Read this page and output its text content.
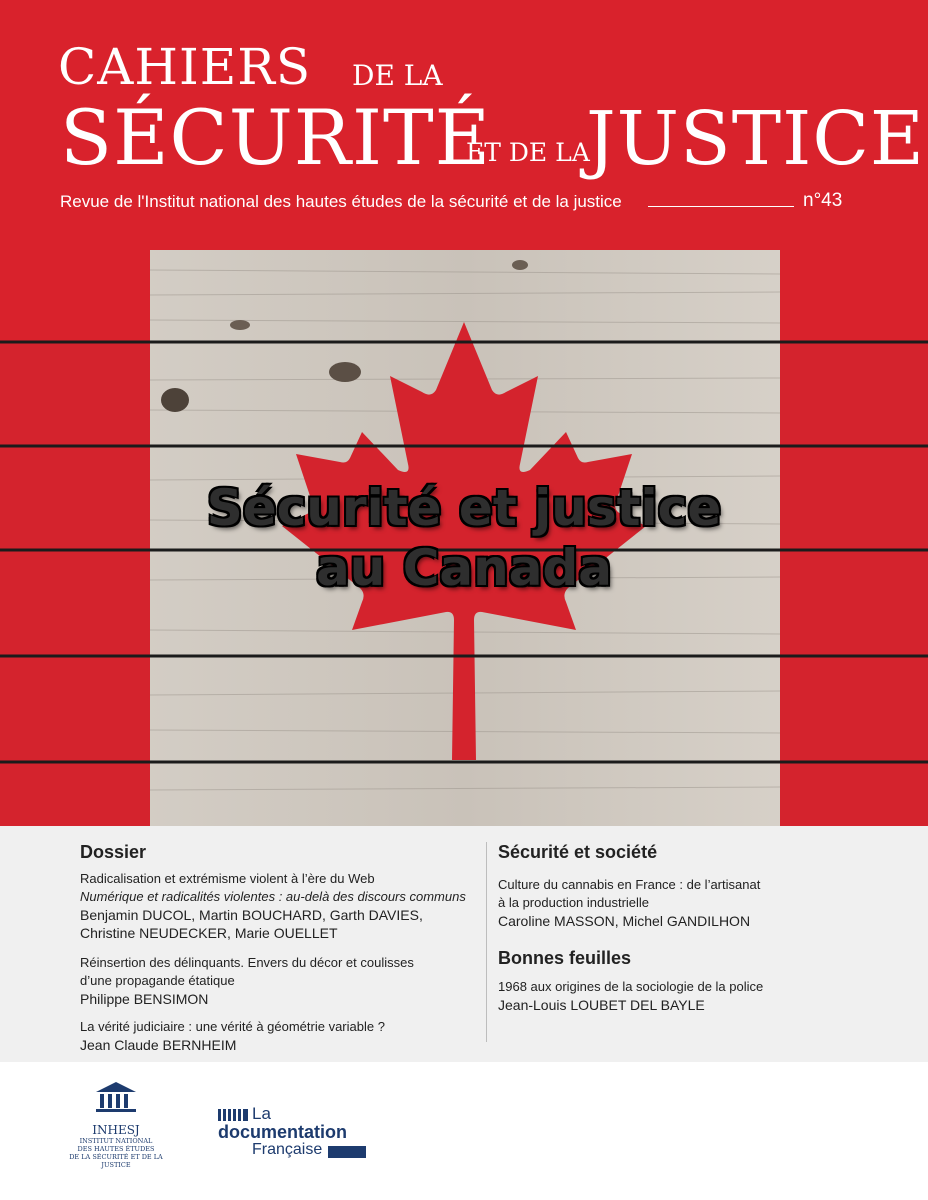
CAHIERS DE LA
SÉCURITÉ
ET DE LA
JUSTICE
Revue de l'Institut national des hautes études de la sécurité et de la justice	n°43
Sécurité et justice
au Canada
Dossier
Radicalisation et extrémisme violent à l’ère du Web
Numérique et radicalités violentes : au-delà des discours communs
Benjamin DUCOL, Martin BOUCHARD, Garth DAVIES,
Christine NEUDECKER, Marie OUELLET
Réinsertion des délinquants. Envers du décor et coulisses
d’une propagande étatique
Philippe BENSIMON
La vérité judiciaire : une vérité à géométrie variable ?
Jean Claude BERNHEIM
Sécurité et société
Culture du cannabis en France : de l’artisanat
à la production industrielle
Caroline MASSON, Michel GANDILHON
Bonnes feuilles
1968 aux origines de la sociologie de la police
Jean-Louis LOUBET DEL BAYLE
INHESJ
INSTITUT NATIONAL
DES HAUTES ÉTUDES
DE LA SÉCURITÉ ET DE LA JUSTICE
La
documentation
Française
